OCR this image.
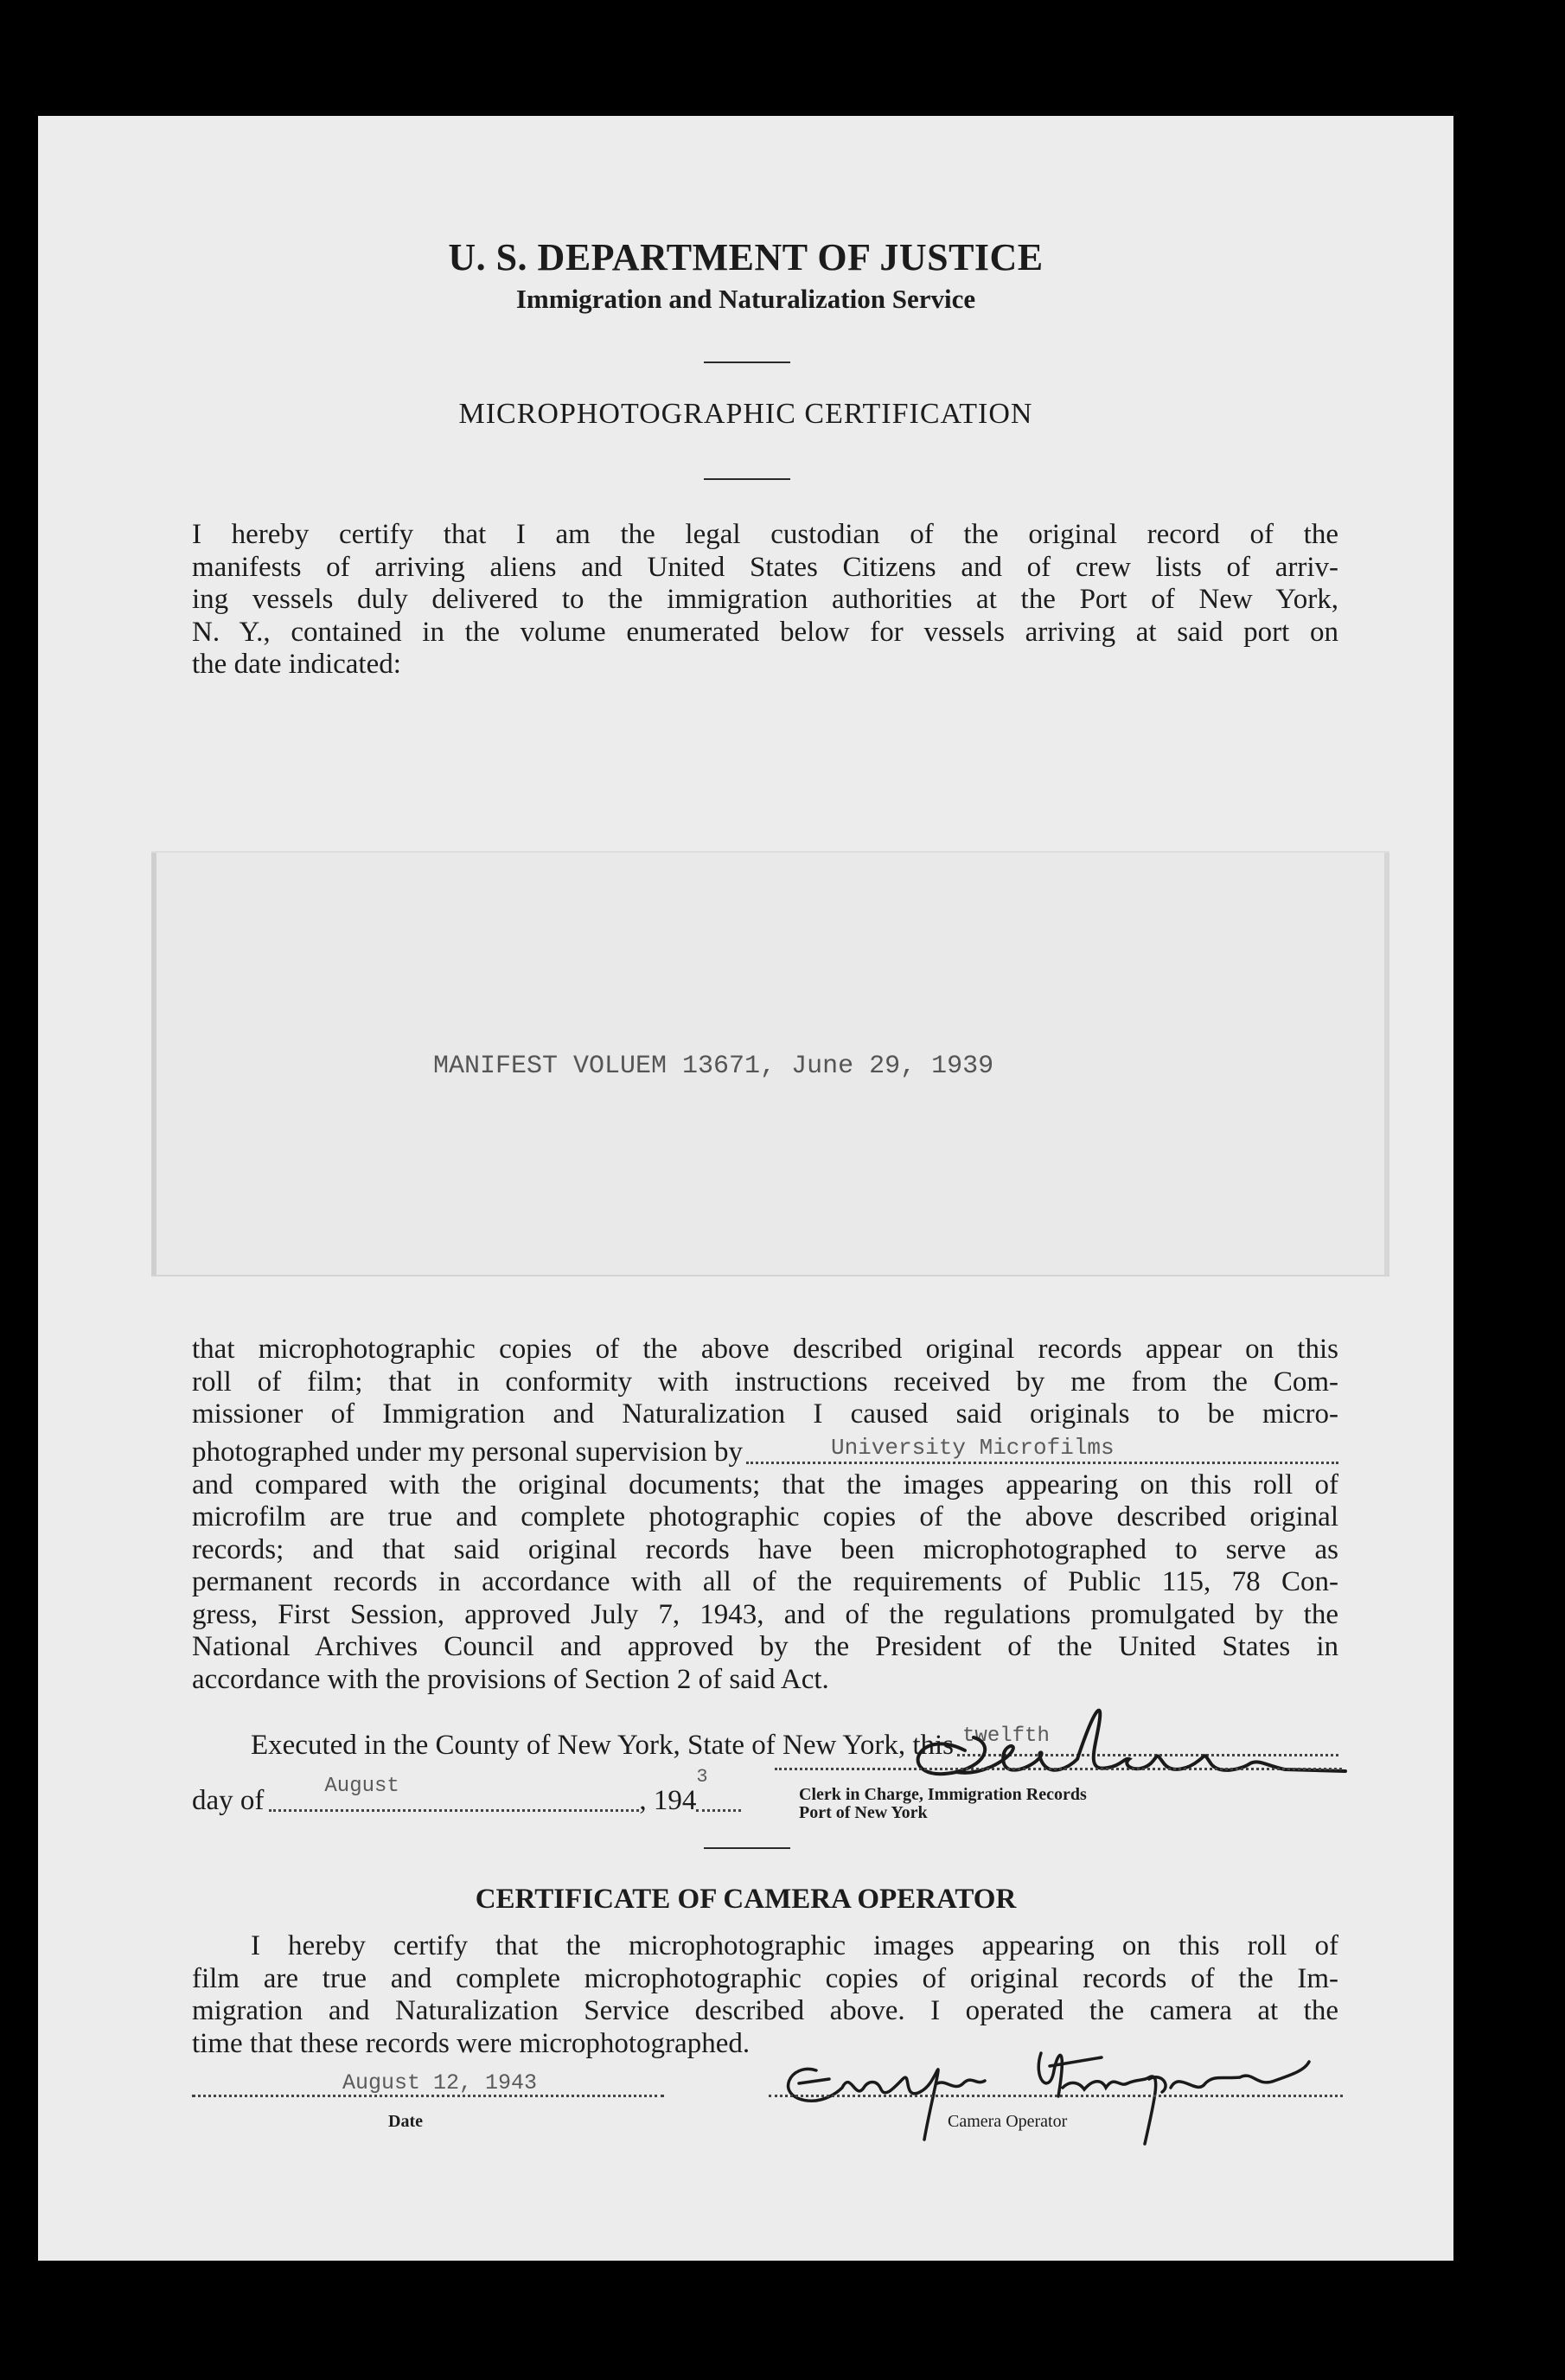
U. S. DEPARTMENT OF JUSTICE
Immigration and Naturalization Service
MICROPHOTOGRAPHIC CERTIFICATION
I hereby certify that I am the legal custodian of the original record of the
manifests of arriving aliens and United States Citizens and of crew lists of arriv-
ing vessels duly delivered to the immigration authorities at the Port of New York,
N. Y., contained in the volume enumerated below for vessels arriving at said port on
the date indicated:
MANIFEST VOLUEM 13671, June 29, 1939
that microphotographic copies of the above described original records appear on this
roll of film; that in conformity with instructions received by me from the Com-
missioner of Immigration and Naturalization I caused said originals to be micro-
photographed under my personal supervision by	University Microfilms
and compared with the original documents; that the images appearing on this roll of
microfilm are true and complete photographic copies of the above described original
records; and that said original records have been microphotographed to serve as
permanent records in accordance with all of the requirements of Public 115, 78 Con-
gress, First Session, approved July 7, 1943, and of the regulations promulgated by the
National Archives Council and approved by the President of the United States in
accordance with the provisions of Section 2 of said Act.
Executed in the County of New York, State of New York, this twelfth
day of	August	, 194
3
Clerk in Charge, Immigration Records
Port of New York
CERTIFICATE OF CAMERA OPERATOR
I hereby certify that the microphotographic images appearing on this roll of
film are true and complete microphotographic copies of original records of the Im-
migration and Naturalization Service described above. I operated the camera at the
time that these records were microphotographed.
August 12, 1943
Date	Camera Operator
